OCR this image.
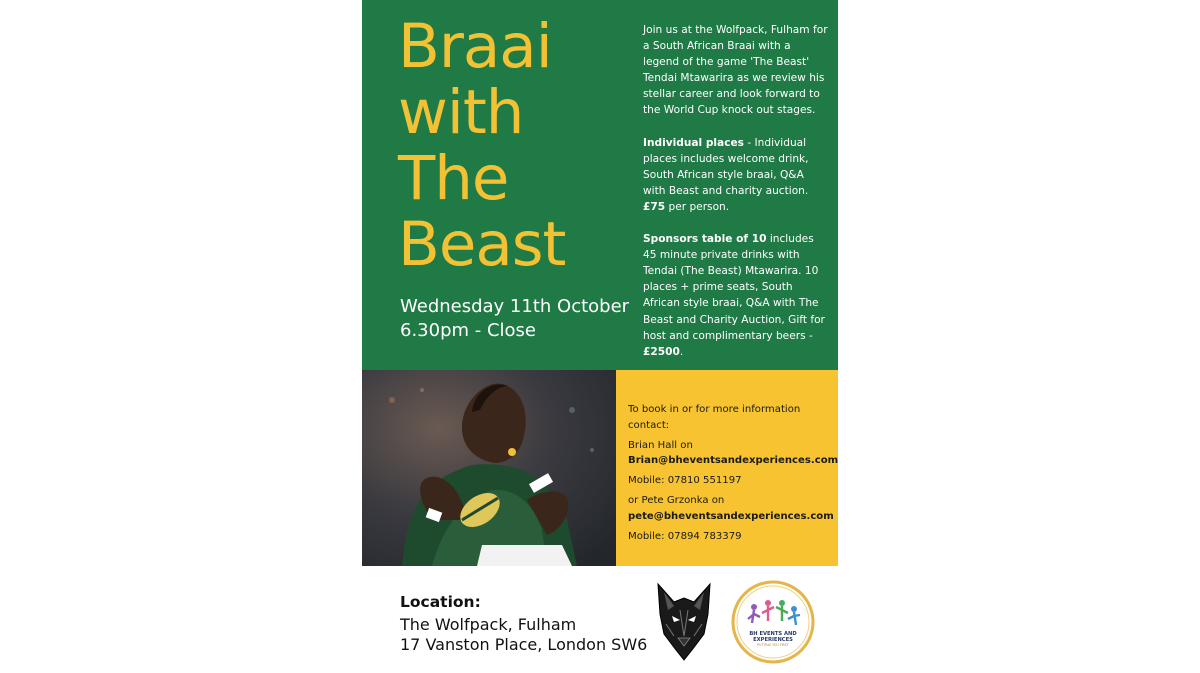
Braai
with
The
Beast
Wednesday 11th October
6.30pm - Close

Join us at the Wolfpack, Fulham for a South African Braai with a legend of the game 'The Beast' Tendai Mtawarira as we review his stellar career and look forward to the World Cup knock out stages.

Individual places - Individual places includes welcome drink, South African style braai, Q&A with Beast and charity auction. £75 per person.

Sponsors table of 10 includes 45 minute private drinks with Tendai (The Beast) Mtawarira. 10 places + prime seats, South African style braai, Q&A with The Beast and Charity Auction, Gift for host and complimentary beers - £2500.

To book in or for more information contact:
Brian Hall on
Brian@bheventsandexperiences.com
Mobile: 07810 551197
or Pete Grzonka on
pete@bheventsandexperiences.com
Mobile: 07894 783379
Location:
The Wolfpack, Fulham
17 Vanston Place, London SW6
BH EVENTS AND
EXPERIENCES
PUTTING YOU FIRST
